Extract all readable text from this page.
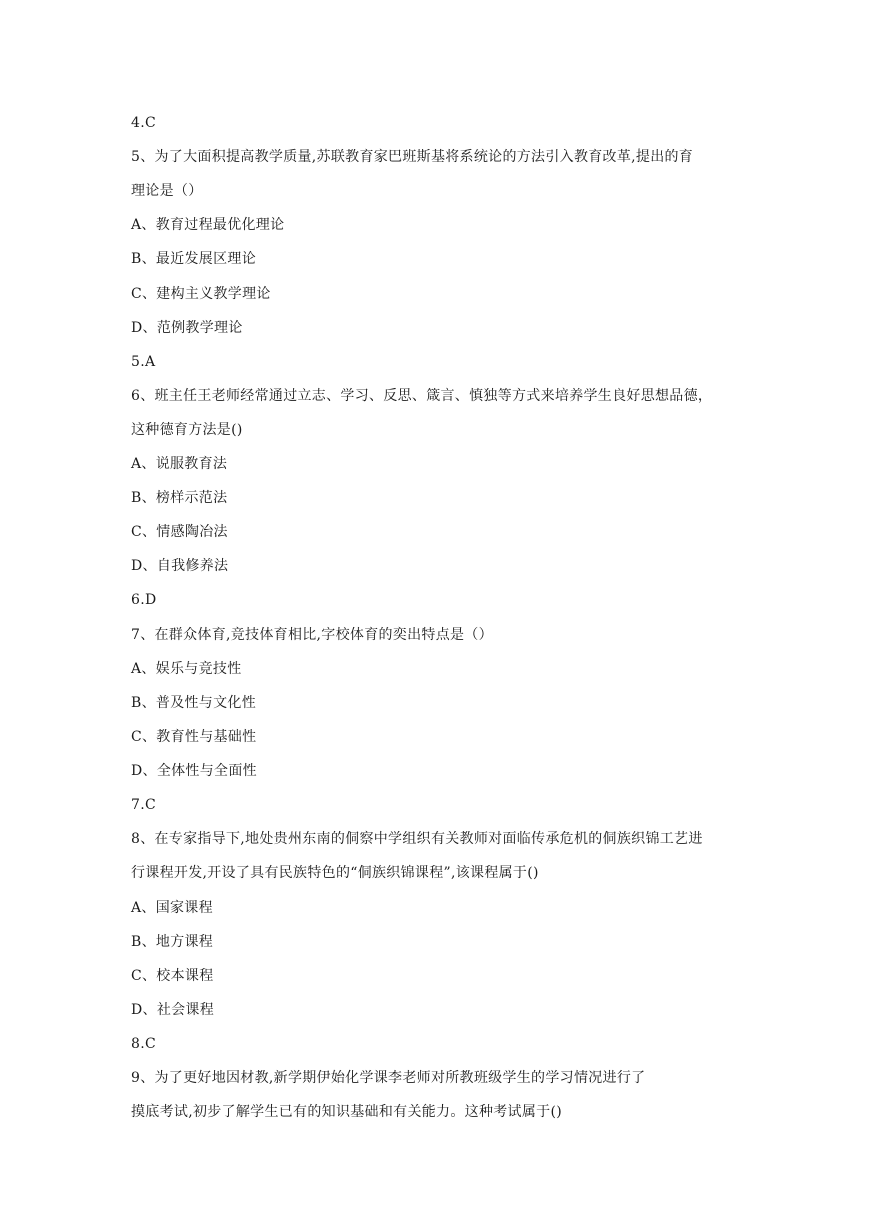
4.C
5、为了大面积提高教学质量,苏联教育家巴班斯基将系统论的方法引入教育改革,提出的育
理论是（）
A、教育过程最优化理论
B、最近发展区理论
C、建构主义教学理论
D、范例教学理论
5.A
6、班主任王老师经常通过立志、学习、反思、箴言、慎独等方式来培养学生良好思想品德，
这种德育方法是()
A、说服教育法
B、榜样示范法
C、情感陶冶法
D、自我修养法
6.D
7、在群众体育,竞技体育相比,字校体育的奕出特点是（）
A、娱乐与竞技性
B、普及性与文化性
C、教育性与基础性
D、全体性与全面性
7.C
8、在专家指导下,地处贵州东南的侗察中学组织有关教师对面临传承危机的侗族织锦工艺进
行课程开发,开设了具有民族特色的“侗族织锦课程”,该课程属于()
A、国家课程
B、地方课程
C、校本课程
D、社会课程
8.C
9、为了更好地因材教,新学期伊始化学课李老师对所教班级学生的学习情况进行了
摸底考试,初步了解学生已有的知识基础和有关能力。这种考试属于()
